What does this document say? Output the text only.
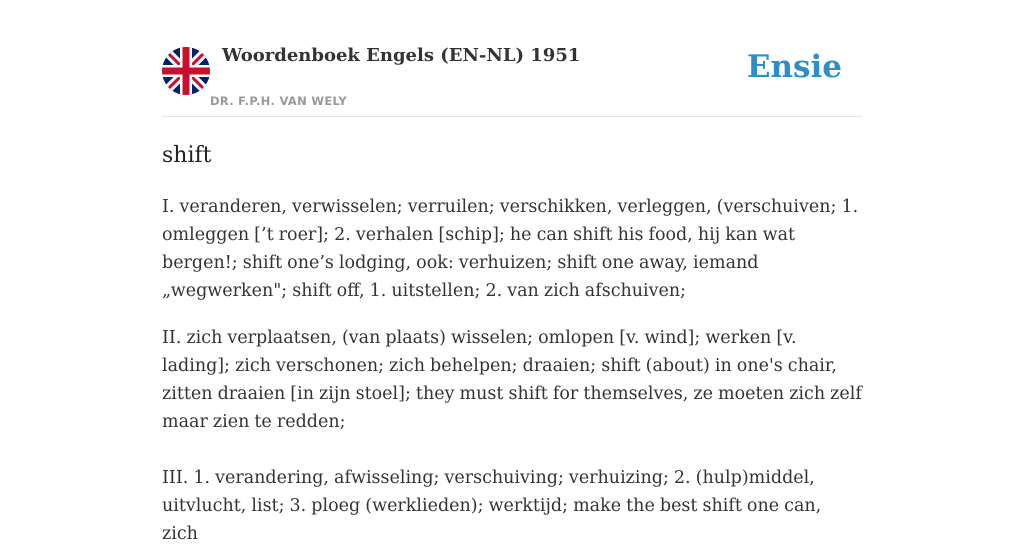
Woordenboek Engels (EN-NL) 1951
DR. F.P.H. VAN WELY
Ensie
shift

I. veranderen, verwisselen; verruilen; verschikken, verleggen, (verschuiven; 1. omleggen [’t roer]; 2. verhalen [schip]; he can shift his food, hij kan wat bergen!; shift one’s lodging, ook: verhuizen; shift one away, iemand „wegwerken"; shift off, 1. uitstellen; 2. van zich afschuiven;

II. zich verplaatsen, (van plaats) wisselen; omlopen [v. wind]; werken [v. lading]; zich verschonen; zich behelpen; draaien; shift (about) in one's chair, zitten draaien [in zijn stoel]; they must shift for themselves, ze moeten zich zelf maar zien te redden;

III. 1. verandering, afwisseling; verschuiving; verhuizing; 2. (hulp)middel, uitvlucht, list; 3. ploeg (werklieden); werktijd; make the best shift one can, zich
